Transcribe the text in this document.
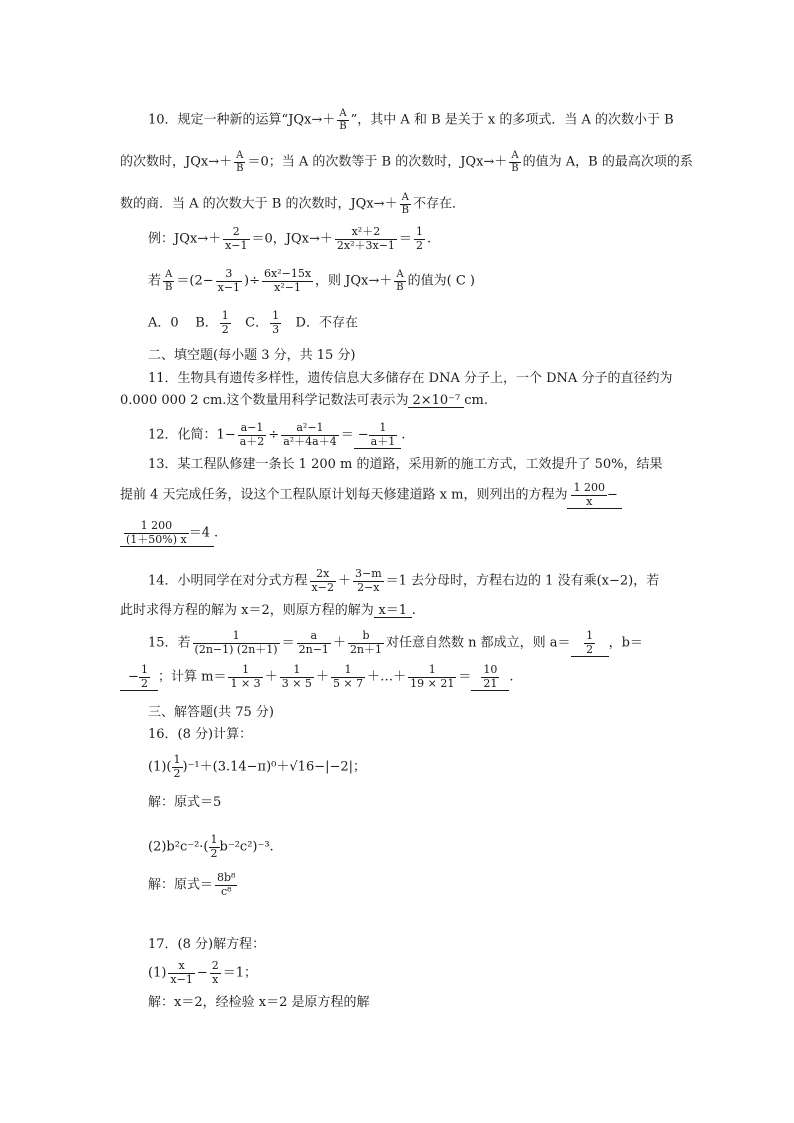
10．规定一种新的运算“$JQx\to+ \frac{A}{B}$ ”，其中 A 和 B 是关于 x 的多项式．当 A 的次数小于 B
的次数时，$JQx\to+ \frac{A}{B} =0$；当 A 的次数等于 B 的次数时，$JQx\to+ \frac{A}{B}$ 的值为 A，B 的最高次项的系
数的商．当 A 的次数大于 B 的次数时，$JQx\to+ \frac{A}{B}$ 不存在．
例：$JQx\to+ \frac{2}{x-1} =0$，$JQx\to+ \frac{\text{x²＋2}}{\text{2x²＋3x−1}} = \frac{1}{2}$ .
若 $\frac{A}{B} =(2- \frac{3}{x-1}$ )÷ $\frac{\text{6x²−15x}}{\text{x²−1}}$ ，则 $JQx\to+ \frac{A}{B}$ 的值为( C )
A．0 B． $\frac{1}{2}$ C． $\frac{1}{3}$ D．不存在
二、填空题(每小题 3 分，共 15 分)
11．生物具有遗传多样性，遗传信息大多储存在 DNA 分子上，一个 DNA 分子的直径约为
0.000 000 2 cm.这个数量用科学记数法可表示为 2×10⁻⁷ cm.
12．化简：$1- \frac{a-1}{a+2} \div \frac{\text{a²−1}}{\text{a²＋4a＋4}}$ ＝ − $\frac{1}{a+1}$ .
13．某工程队修建一条长 1 200 m 的道路，采用新的施工方式，工效提升了 50%，结果
提前 4 天完成任务，设这个工程队原计划每天修建道路 x m，则列出的方程为 $\frac{1 200}{x}$ −
$\frac{1 200}{(1+50\%) x} =4$ .
14．小明同学在对分式方程 $\frac{2x}{x-2} + \frac{3-m}{2-x} =1$ 去分母时，方程右边的 1 没有乘(x−2)，若
此时求得方程的解为 x＝2，则原方程的解为 x＝1 .
15．若 $\frac{1}{(2n-1) (2n+1)} = \frac{a}{2n-1} + \frac{b}{2n+1}$ 对任意自然数 n 都成立，则 $a= \frac{1}{2}$ ，b＝
− $\frac{1}{2}$ ；计算 $m= \frac{1}{1 \times 3} + \frac{1}{3 \times 5} + \frac{1}{5 \times 7}$ ＋…＋ $\frac{1}{19 \times 21} = \frac{10}{21}$ .
三、解答题(共 75 分)
16．(8 分)计算：
$(1)( \frac{1}{2} )^{-1}+(3.14-\pi)^0+√16-|-2|$；
解：原式＝5
$(2)b^2c^{-2}\cdot( \frac{1}{2} b^{-2}c^2)^{-3}$.
解：原式＝ $\frac{\text{8b⁸}}{\text{c⁸}}$
17．(8 分)解方程：
$(1) \frac{x}{x-1} - \frac{2}{x} =1$；
解：x＝2，经检验 x＝2 是原方程的解
